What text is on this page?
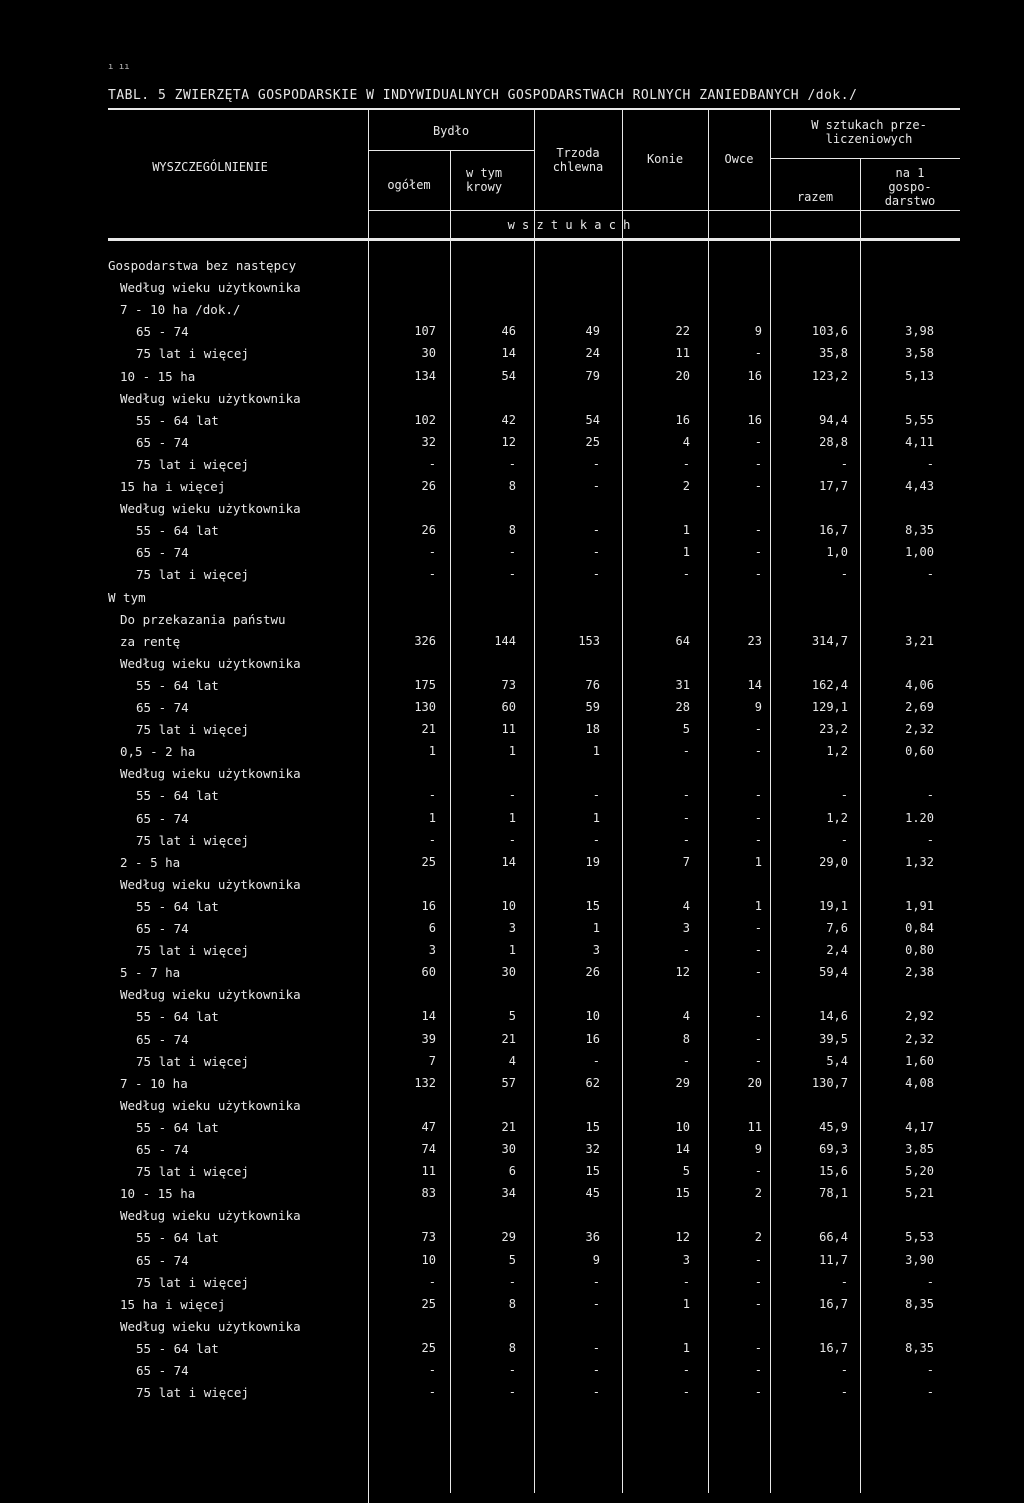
ı ıı
TABL. 5 ZWIERZĘTA GOSPODARSKIE W INDYWIDUALNYCH GOSPODARSTWACH ROLNYCH ZANIEDBANYCH /dok./
WYSZCZEGÓLNIENIE
Bydło
ogółem
w tym krowy
Trzoda chlewna
Konie	Owce
W sztukach prze- liczeniowych
razem
na 1 gospo- darstwo
w s z t u k a c h
Gospodarstwa bez następcy
Według wieku użytkownika
7 - 10 ha /dok./
65 - 74	107	46	49	22	9	103,6	3,98
75 lat i więcej	30	14	24	11	-	35,8	3,58
10 - 15 ha	134	54	79	20	16	123,2	5,13
Według wieku użytkownika
55 - 64 lat	102	42	54	16	16	94,4	5,55
65 - 74	32	12	25	4	-	28,8	4,11
75 lat i więcej	-	-	-	-	-	-	-
15 ha i więcej	26	8	-	2	-	17,7	4,43
Według wieku użytkownika
55 - 64 lat	26	8	-	1	-	16,7	8,35
65 - 74	-	-	-	1	-	1,0	1,00
75 lat i więcej	-	-	-	-	-	-	-
W tym
Do przekazania państwu
za rentę	326	144	153	64	23	314,7	3,21
Według wieku użytkownika
55 - 64 lat	175	73	76	31	14	162,4	4,06
65 - 74	130	60	59	28	9	129,1	2,69
75 lat i więcej	21	11	18	5	-	23,2	2,32
0,5 - 2 ha	1	1	1	-	-	1,2	0,60
Według wieku użytkownika
55 - 64 lat	-	-	-	-	-	-	-
65 - 74	1	1	1	-	-	1,2	1.20
75 lat i więcej	-	-	-	-	-	-	-
2 - 5 ha	25	14	19	7	1	29,0	1,32
Według wieku użytkownika
55 - 64 lat	16	10	15	4	1	19,1	1,91
65 - 74	6	3	1	3	-	7,6	0,84
75 lat i więcej	3	1	3	-	-	2,4	0,80
5 - 7 ha	60	30	26	12	-	59,4	2,38
Według wieku użytkownika
55 - 64 lat	14	5	10	4	-	14,6	2,92
65 - 74	39	21	16	8	-	39,5	2,32
75 lat i więcej	7	4	-	-	-	5,4	1,60
7 - 10 ha	132	57	62	29	20	130,7	4,08
Według wieku użytkownika
55 - 64 lat	47	21	15	10	11	45,9	4,17
65 - 74	74	30	32	14	9	69,3	3,85
75 lat i więcej	11	6	15	5	-	15,6	5,20
10 - 15 ha	83	34	45	15	2	78,1	5,21
Według wieku użytkownika
55 - 64 lat	73	29	36	12	2	66,4	5,53
65 - 74	10	5	9	3	-	11,7	3,90
75 lat i więcej	-	-	-	-	-	-	-
15 ha i więcej	25	8	-	1	-	16,7	8,35
Według wieku użytkownika
55 - 64 lat	25	8	-	1	-	16,7	8,35
65 - 74	-	-	-	-	-	-	-
75 lat i więcej	-	-	-	-	-	-	-
